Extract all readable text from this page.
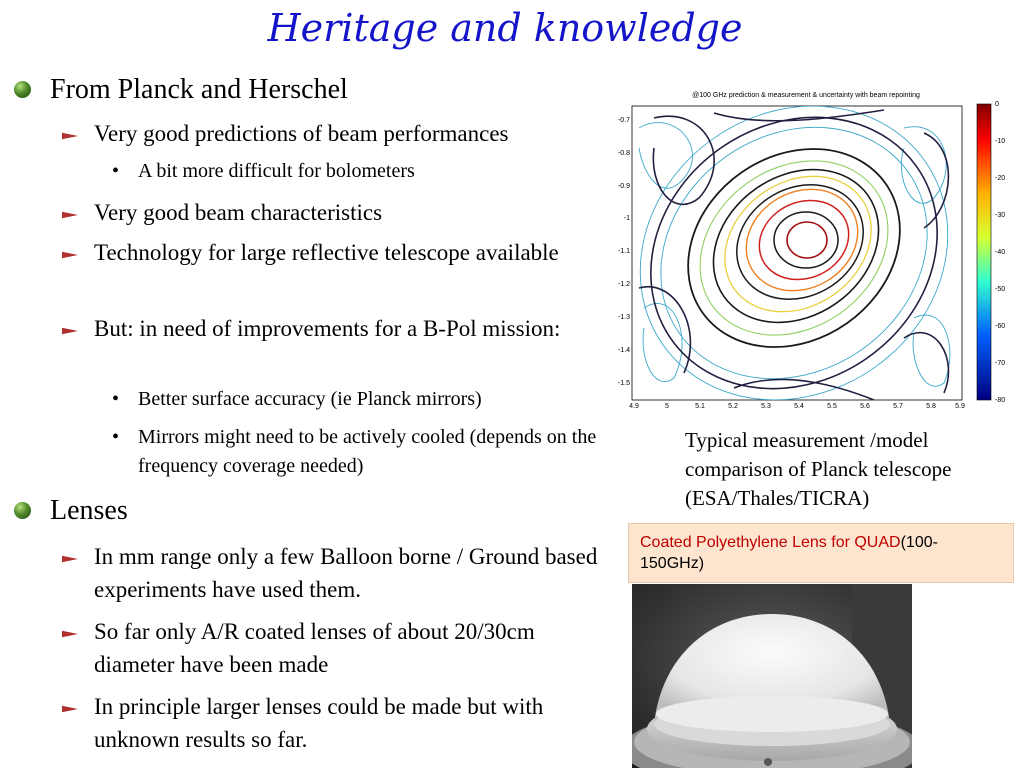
Heritage and knowledge
From Planck and Herschel
Very good predictions of beam performances
• A bit more difficult for bolometers
Very good beam characteristics
Technology for large reflective telescope available
But: in need of improvements for a B-Pol mission:
• Better surface accuracy (ie Planck mirrors)
• Mirrors might need to be actively cooled (depends on the frequency coverage needed)
Lenses
In mm range only a few Balloon borne / Ground based experiments have used them.
So far only A/R coated lenses of about 20/30cm diameter have been made
In principle larger lenses could be made but with unknown results so far.
@100 GHz prediction & measurement & uncertainty with beam repointing
-0.7
-0.8
-0.9
-1
-1.1
-1.2
-1.3
-1.4
-1.5
4.9	5	5.1	5.2	5.3	5.4	5.5	5.6	5.7	5.8	5.9
0
-10
-20
-30
-40
-50
-60
-70
-80
Typical measurement /model comparison of Planck telescope (ESA/Thales/TICRA)
Coated Polyethylene Lens for QUAD(100-150GHz)
